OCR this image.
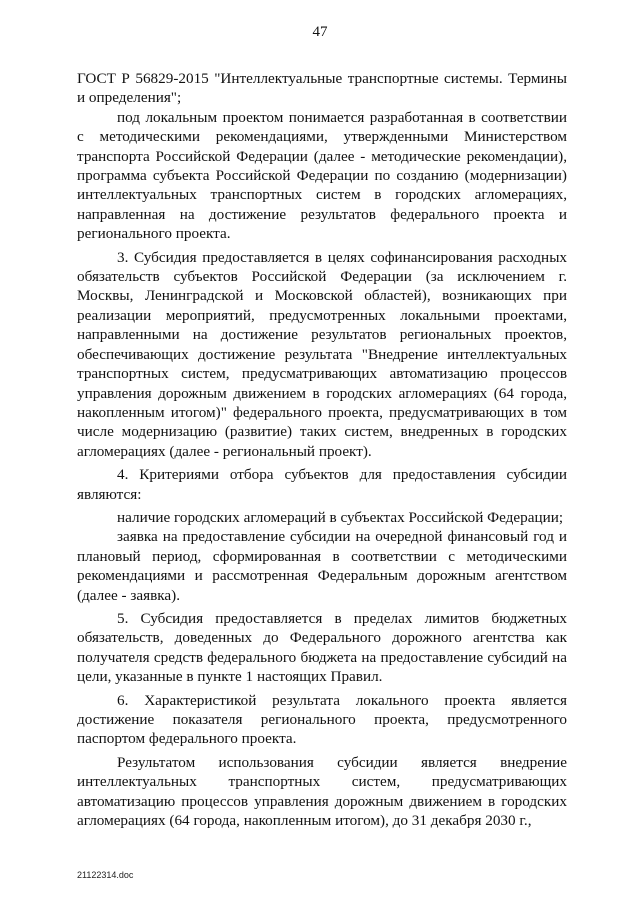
47

ГОСТ Р 56829-2015 "Интеллектуальные транспортные системы. Термины и определения";

под локальным проектом понимается разработанная в соответствии с методическими рекомендациями, утвержденными Министерством транспорта Российской Федерации (далее - методические рекомендации), программа субъекта Российской Федерации по созданию (модернизации) интеллектуальных транспортных систем в городских агломерациях, направленная на достижение результатов федерального проекта и регионального проекта.

3. Субсидия предоставляется в целях софинансирования расходных обязательств субъектов Российской Федерации (за исключением г. Москвы, Ленинградской и Московской областей), возникающих при реализации мероприятий, предусмотренных локальными проектами, направленными на достижение результатов региональных проектов, обеспечивающих достижение результата "Внедрение интеллектуальных транспортных систем, предусматривающих автоматизацию процессов управления дорожным движением в городских агломерациях (64 города, накопленным итогом)" федерального проекта, предусматривающих в том числе модернизацию (развитие) таких систем, внедренных в городских агломерациях (далее - региональный проект).

4. Критериями отбора субъектов для предоставления субсидии являются:

наличие городских агломераций в субъектах Российской Федерации;

заявка на предоставление субсидии на очередной финансовый год и плановый период, сформированная в соответствии с методическими рекомендациями и рассмотренная Федеральным дорожным агентством (далее - заявка).

5. Субсидия предоставляется в пределах лимитов бюджетных обязательств, доведенных до Федерального дорожного агентства как получателя средств федерального бюджета на предоставление субсидий на цели, указанные в пункте 1 настоящих Правил.

6. Характеристикой результата локального проекта является достижение показателя регионального проекта, предусмотренного паспортом федерального проекта.

Результатом использования субсидии является внедрение интеллектуальных транспортных систем, предусматривающих автоматизацию процессов управления дорожным движением в городских агломерациях (64 города, накопленным итогом), до 31 декабря 2030 г.,

21122314.doc
